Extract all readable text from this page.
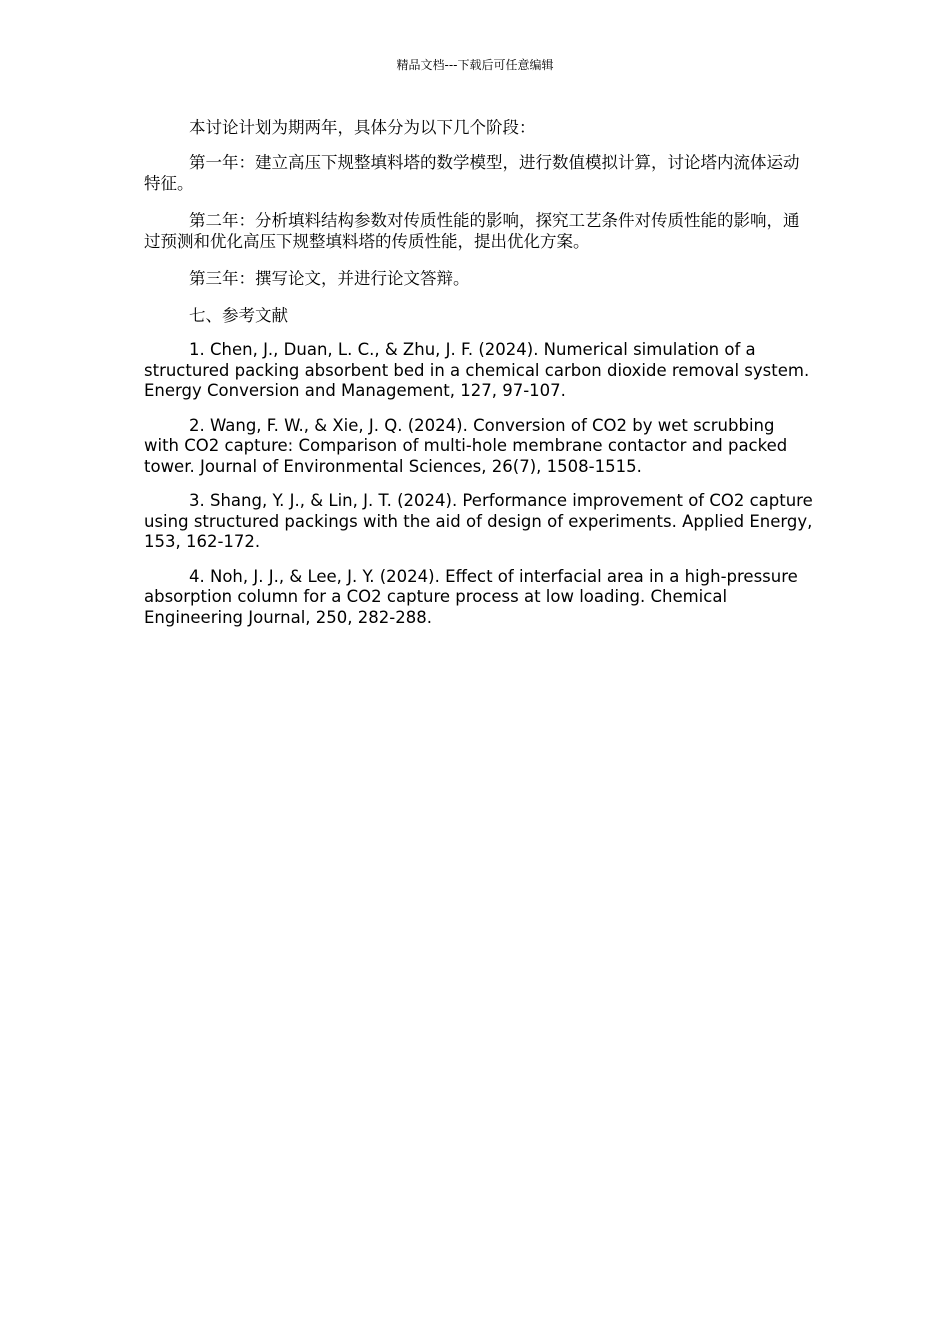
精品文档---下载后可任意编辑

本讨论计划为期两年，具体分为以下几个阶段：

第一年：建立高压下规整填料塔的数学模型，进行数值模拟计算，讨论塔内流体运动特征。

第二年：分析填料结构参数对传质性能的影响，探究工艺条件对传质性能的影响，通过预测和优化高压下规整填料塔的传质性能，提出优化方案。

第三年：撰写论文，并进行论文答辩。

七、参考文献

1. Chen, J., Duan, L. C., & Zhu, J. F. (2024). Numerical simulation of a structured packing absorbent bed in a chemical carbon dioxide removal system. Energy Conversion and Management, 127, 97-107.

2. Wang, F. W., & Xie, J. Q. (2024). Conversion of CO2 by wet scrubbing with CO2 capture: Comparison of multi-hole membrane contactor and packed tower. Journal of Environmental Sciences, 26(7), 1508-1515.

3. Shang, Y. J., & Lin, J. T. (2024). Performance improvement of CO2 capture using structured packings with the aid of design of experiments. Applied Energy, 153, 162-172.

4. Noh, J. J., & Lee, J. Y. (2024). Effect of interfacial area in a high-pressure absorption column for a CO2 capture process at low loading. Chemical Engineering Journal, 250, 282-288.
